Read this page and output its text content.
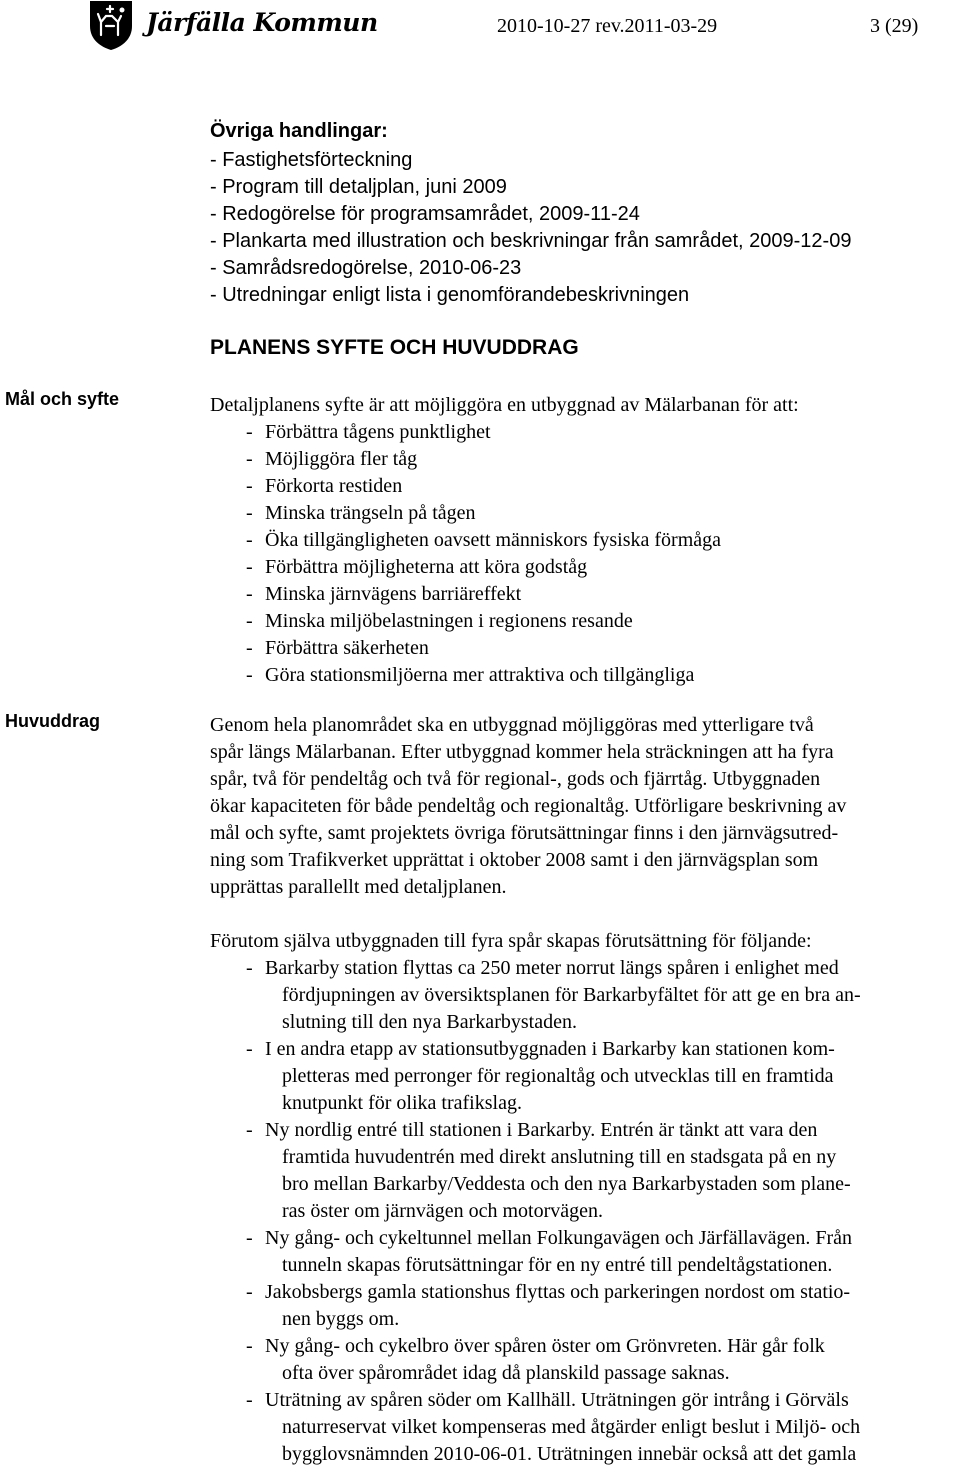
Järfälla Kommun	2010-10-27 rev.2011-03-29	3 (29)
Övriga handlingar:
- Fastighetsförteckning
- Program till detaljplan, juni 2009
- Redogörelse för programsamrådet, 2009-11-24
- Plankarta med illustration och beskrivningar från samrådet, 2009-12-09
- Samrådsredogörelse, 2010-06-23
- Utredningar enligt lista i genomförandebeskrivningen
PLANENS SYFTE OCH HUVUDDRAG
Mål och syfte
Huvuddrag
Detaljplanens syfte är att möjliggöra en utbyggnad av Mälarbanan för att:
- Förbättra tågens punktlighet
- Möjliggöra fler tåg
- Förkorta restiden
- Minska trängseln på tågen
- Öka tillgängligheten oavsett människors fysiska förmåga
- Förbättra möjligheterna att köra godståg
- Minska järnvägens barriäreffekt
- Minska miljöbelastningen i regionens resande
- Förbättra säkerheten
- Göra stationsmiljöerna mer attraktiva och tillgängliga
Genom hela planområdet ska en utbyggnad möjliggöras med ytterligare två
spår längs Mälarbanan. Efter utbyggnad kommer hela sträckningen att ha fyra
spår, två för pendeltåg och två för regional-, gods och fjärrtåg. Utbyggnaden
ökar kapaciteten för både pendeltåg och regionaltåg. Utförligare beskrivning av
mål och syfte, samt projektets övriga förutsättningar finns i den järnvägsutred-
ning som Trafikverket upprättat i oktober 2008 samt i den järnvägsplan som
upprättas parallellt med detaljplanen.
Förutom själva utbyggnaden till fyra spår skapas förutsättning för följande:
- Barkarby station flyttas ca 250 meter norrut längs spåren i enlighet med
fördjupningen av översiktsplanen för Barkarbyfältet för att ge en bra an-
slutning till den nya Barkarbystaden.
- I en andra etapp av stationsutbyggnaden i Barkarby kan stationen kom-
pletteras med perronger för regionaltåg och utvecklas till en framtida
knutpunkt för olika trafikslag.
- Ny nordlig entré till stationen i Barkarby. Entrén är tänkt att vara den
framtida huvudentrén med direkt anslutning till en stadsgata på en ny
bro mellan Barkarby/Veddesta och den nya Barkarbystaden som plane-
ras öster om järnvägen och motorvägen.
- Ny gång- och cykeltunnel mellan Folkungavägen och Järfällavägen. Från
tunneln skapas förutsättningar för en ny entré till pendeltågstationen.
- Jakobsbergs gamla stationshus flyttas och parkeringen nordost om statio-
nen byggs om.
- Ny gång- och cykelbro över spåren öster om Grönvreten. Här går folk
ofta över spårområdet idag då planskild passage saknas.
- Uträtning av spåren söder om Kallhäll. Uträtningen gör intrång i Görväls
naturreservat vilket kompenseras med åtgärder enligt beslut i Miljö- och
bygglovsnämnden 2010-06-01. Uträtningen innebär också att det gamla
